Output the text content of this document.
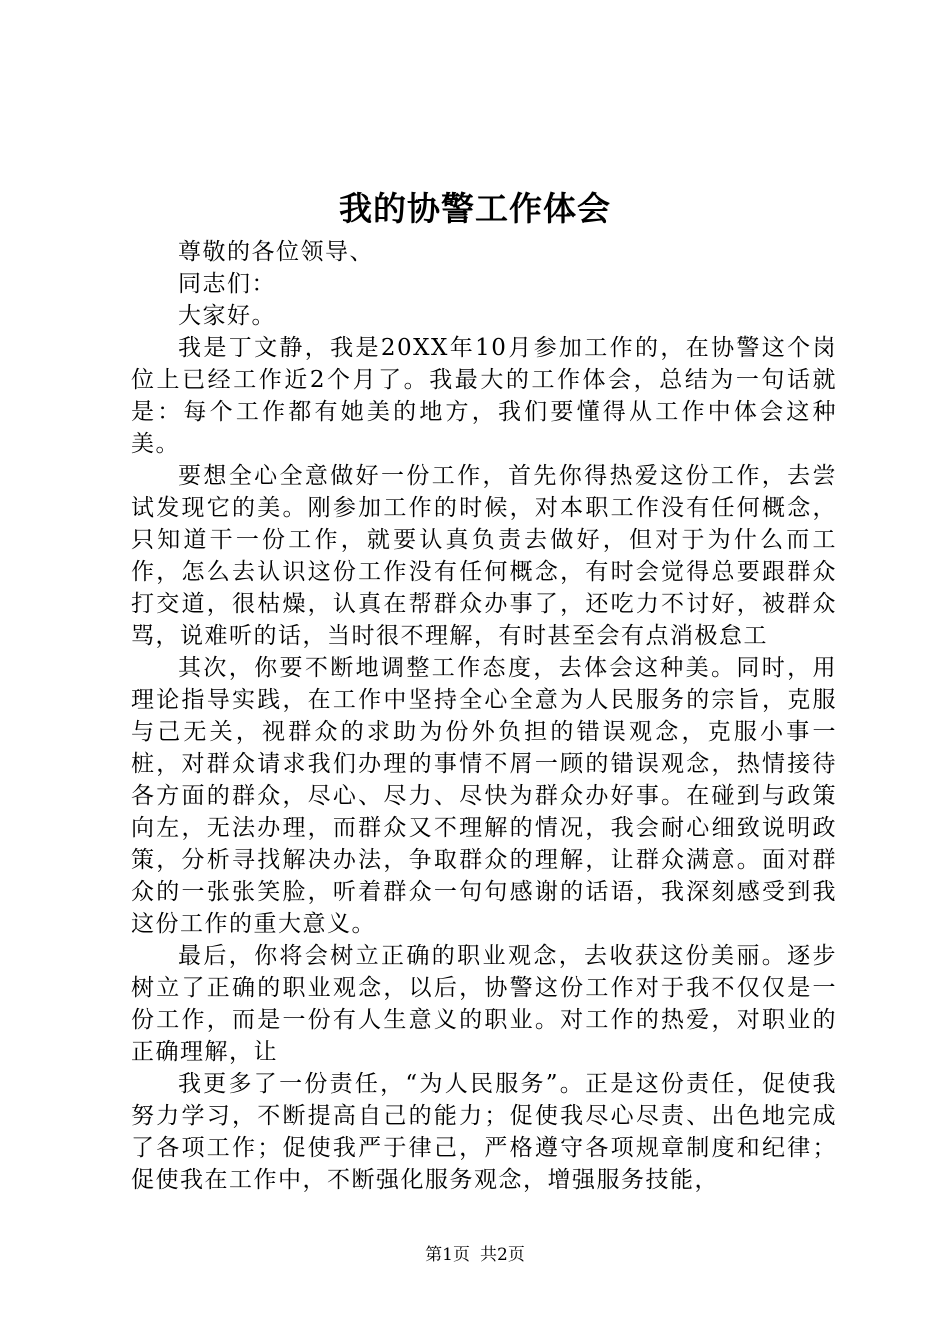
我的协警工作体会

尊敬的各位领导、

同志们：

大家好。

我是丁文静，我是20XX年10月参加工作的，在协警这个岗位上已经工作近2个月了。我最大的工作体会，总结为一句话就是：每个工作都有她美的地方，我们要懂得从工作中体会这种美。

要想全心全意做好一份工作，首先你得热爱这份工作，去尝试发现它的美。刚参加工作的时候，对本职工作没有任何概念，只知道干一份工作，就要认真负责去做好，但对于为什么而工作，怎么去认识这份工作没有任何概念，有时会觉得总要跟群众打交道，很枯燥，认真在帮群众办事了，还吃力不讨好，被群众骂，说难听的话，当时很不理解，有时甚至会有点消极怠工

其次，你要不断地调整工作态度，去体会这种美。同时，用理论指导实践，在工作中坚持全心全意为人民服务的宗旨，克服与己无关，视群众的求助为份外负担的错误观念，克服小事一桩，对群众请求我们办理的事情不屑一顾的错误观念，热情接待各方面的群众，尽心、尽力、尽快为群众办好事。在碰到与政策向左，无法办理，而群众又不理解的情况，我会耐心细致说明政策，分析寻找解决办法，争取群众的理解，让群众满意。面对群众的一张张笑脸，听着群众一句句感谢的话语，我深刻感受到我这份工作的重大意义。

最后，你将会树立正确的职业观念，去收获这份美丽。逐步树立了正确的职业观念，以后，协警这份工作对于我不仅仅是一份工作，而是一份有人生意义的职业。对工作的热爱，对职业的正确理解，让

我更多了一份责任，“为人民服务”。正是这份责任，促使我努力学习，不断提高自己的能力；促使我尽心尽责、出色地完成了各项工作；促使我严于律己，严格遵守各项规章制度和纪律；促使我在工作中，不断强化服务观念，增强服务技能，

第1页 共2页
